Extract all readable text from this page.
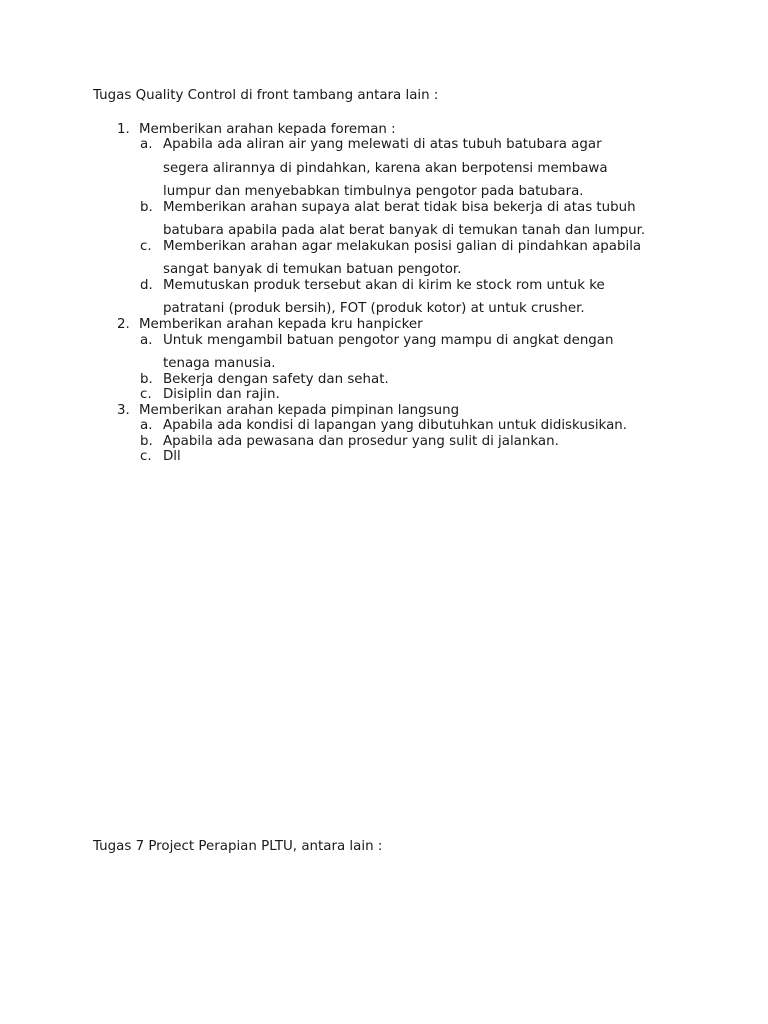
Tugas Quality Control di front tambang antara lain :
1. Memberikan arahan kepada foreman :
a. Apabila ada aliran air yang melewati di atas tubuh batubara agar
segera alirannya di pindahkan, karena akan berpotensi membawa
lumpur dan menyebabkan timbulnya pengotor pada batubara.
b. Memberikan arahan supaya alat berat tidak bisa bekerja di atas tubuh
batubara apabila pada alat berat banyak di temukan tanah dan lumpur.
c. Memberikan arahan agar melakukan posisi galian di pindahkan apabila
sangat banyak di temukan batuan pengotor.
d. Memutuskan produk tersebut akan di kirim ke stock rom untuk ke
patratani (produk bersih), FOT (produk kotor) at untuk crusher.
2. Memberikan arahan kepada kru hanpicker
a. Untuk mengambil batuan pengotor yang mampu di angkat dengan
tenaga manusia.
b. Bekerja dengan safety dan sehat.
c. Disiplin dan rajin.
3. Memberikan arahan kepada pimpinan langsung
a. Apabila ada kondisi di lapangan yang dibutuhkan untuk didiskusikan.
b. Apabila ada pewasana dan prosedur yang sulit di jalankan.
c. Dll
Tugas 7 Project Perapian PLTU, antara lain :
